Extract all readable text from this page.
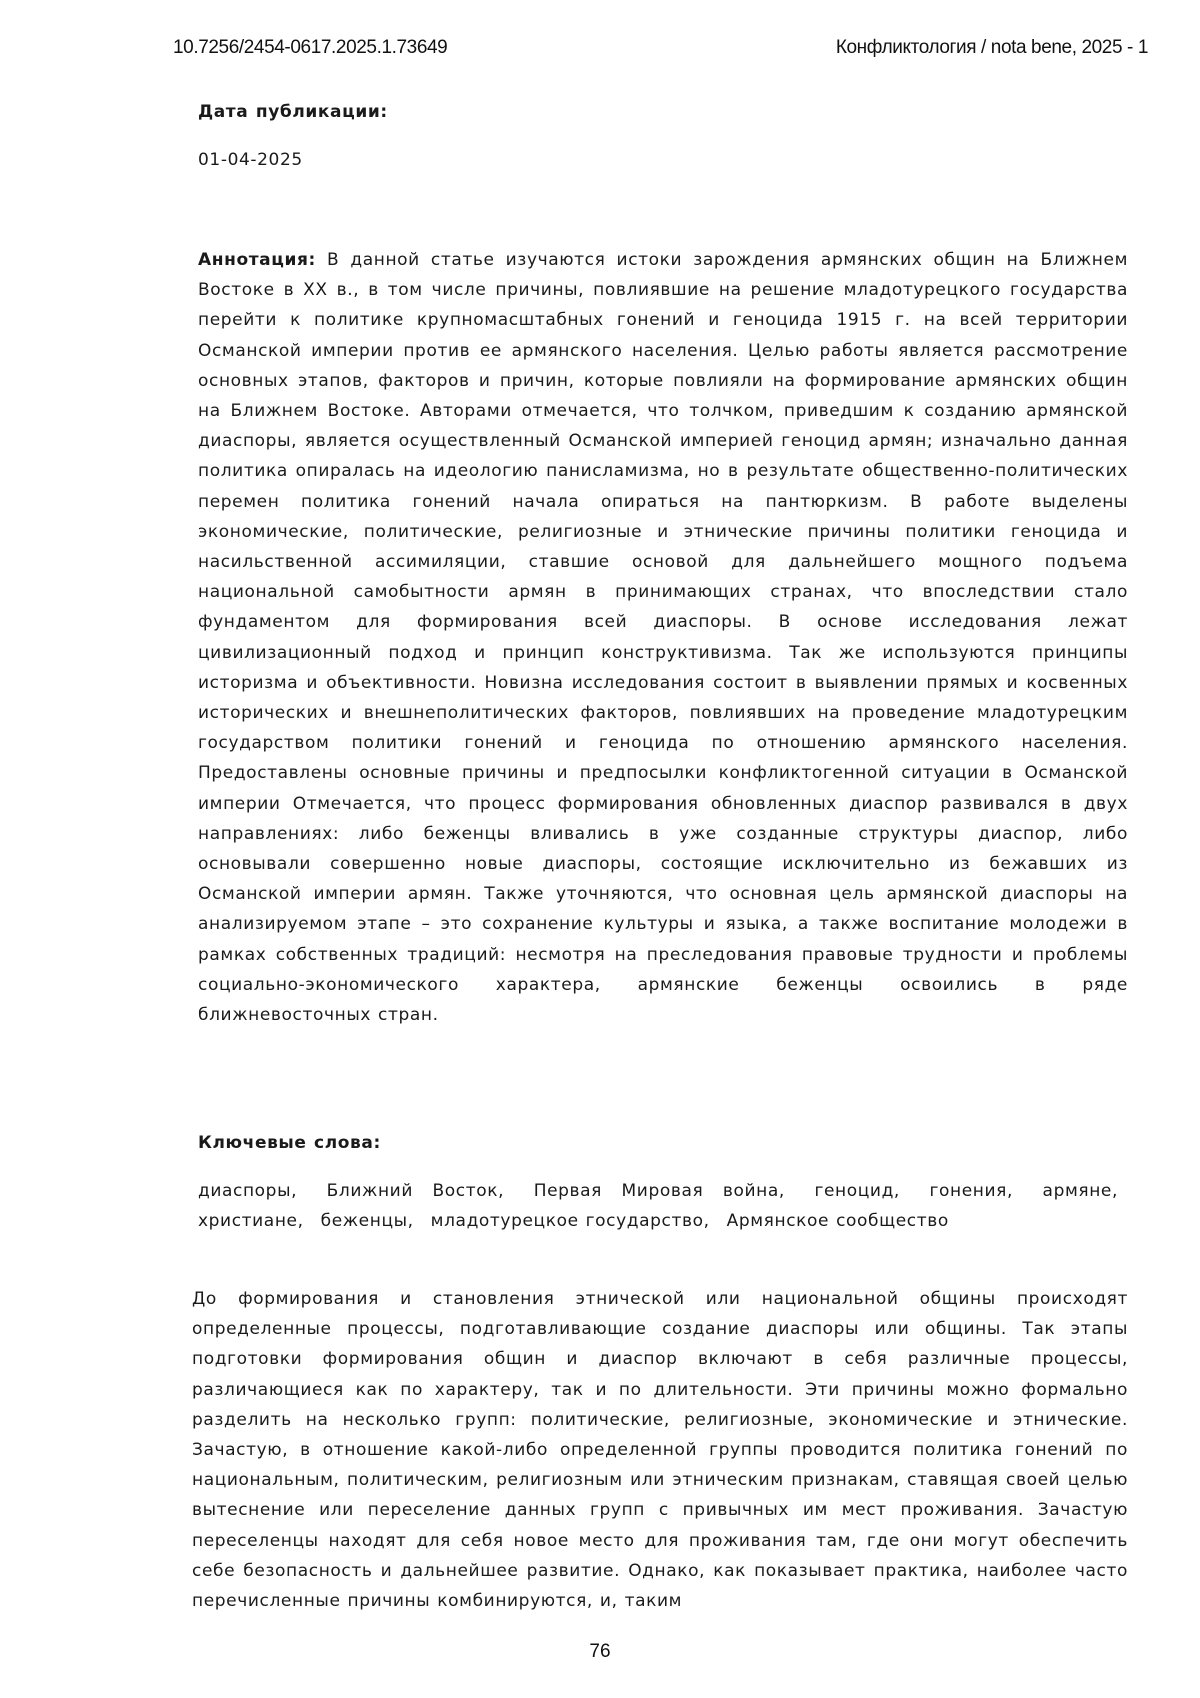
10.7256/2454-0617.2025.1.73649	Конфликтология / nota bene, 2025 - 1
Дата публикации:
01-04-2025
Аннотация: В данной статье изучаются истоки зарождения армянских общин на Ближнем Востоке в XX в., в том числе причины, повлиявшие на решение младотурецкого государства перейти к политике крупномасштабных гонений и геноцида 1915 г. на всей территории Османской империи против ее армянского населения. Целью работы является рассмотрение основных этапов, факторов и причин, которые повлияли на формирование армянских общин на Ближнем Востоке. Авторами отмечается, что толчком, приведшим к созданию армянской диаспоры, является осуществленный Османской империей геноцид армян; изначально данная политика опиралась на идеологию панисламизма, но в результате общественно-политических перемен политика гонений начала опираться на пантюркизм. В работе выделены экономические, политические, религиозные и этнические причины политики геноцида и насильственной ассимиляции, ставшие основой для дальнейшего мощного подъема национальной самобытности армян в принимающих странах, что впоследствии стало фундаментом для формирования всей диаспоры. В основе исследования лежат цивилизационный подход и принцип конструктивизма. Так же используются принципы историзма и объективности. Новизна исследования состоит в выявлении прямых и косвенных исторических и внешнеполитических факторов, повлиявших на проведение младотурецким государством политики гонений и геноцида по отношению армянского населения. Предоставлены основные причины и предпосылки конфликтогенной ситуации в Османской империи Отмечается, что процесс формирования обновленных диаспор развивался в двух направлениях: либо беженцы вливались в уже созданные структуры диаспор, либо основывали совершенно новые диаспоры, состоящие исключительно из бежавших из Османской империи армян. Также уточняются, что основная цель армянской диаспоры на анализируемом этапе – это сохранение культуры и языка, а также воспитание молодежи в рамках собственных традиций: несмотря на преследования правовые трудности и проблемы социально-экономического характера, армянские беженцы освоились в ряде ближневосточных стран.
Ключевые слова:
диаспоры, Ближний Восток, Первая Мировая война, геноцид, гонения, армяне, христиане, беженцы, младотурецкое государство, Армянское сообщество
До формирования и становления этнической или национальной общины происходят определенные процессы, подготавливающие создание диаспоры или общины. Так этапы подготовки формирования общин и диаспор включают в себя различные процессы, различающиеся как по характеру, так и по длительности. Эти причины можно формально разделить на несколько групп: политические, религиозные, экономические и этнические. Зачастую, в отношение какой-либо определенной группы проводится политика гонений по национальным, политическим, религиозным или этническим признакам, ставящая своей целью вытеснение или переселение данных групп с привычных им мест проживания. Зачастую переселенцы находят для себя новое место для проживания там, где они могут обеспечить себе безопасность и дальнейшее развитие. Однако, как показывает практика, наиболее часто перечисленные причины комбинируются, и, таким
76
